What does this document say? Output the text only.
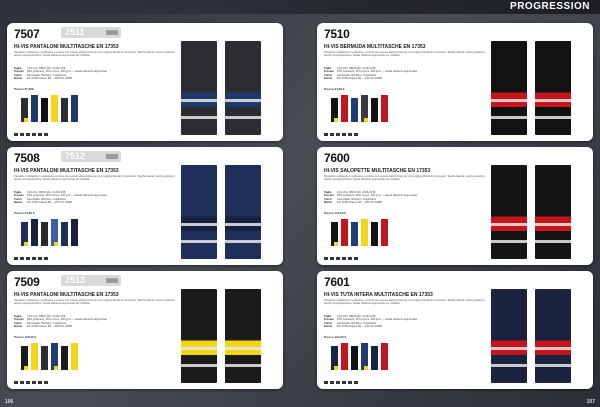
PROGRESSION
7507	7511
HI-VIS PANTALONI MULTITASCHE EN 17353
Pantaloni multitasche in poliestere e cotone con tessuto elasticizzato per una migliore libertà di movimento. Tasche laterali, tasche posteriori, tasche portaginocchiere, bande riflettenti segmentate per visibilità.
Taglie	C44-C64, D88-D120, C146-C158
Tessuto	65% poliestere, 35% cotone, 290 g/m² — bande riflettenti segmentate
Colori	Nero/Giallo, Blu/Nero, Grigio/Nero
Norme	EN 17353 Classe B2 — EN ISO 13688
Prezzo 37,90€
7510
HI-VIS BERMUDA MULTITASCHE EN 17353
Pantaloni multitasche in poliestere e cotone con tessuto elasticizzato per una migliore libertà di movimento. Tasche laterali, tasche posteriori, tasche portaginocchiere, bande riflettenti segmentate per visibilità.
Taglie	C44-C64, D88-D120, C146-C158
Tessuto	65% poliestere, 35% cotone, 290 g/m² — bande riflettenti segmentate
Colori	Nero/Giallo, Blu/Nero, Grigio/Nero
Norme	EN 17353 Classe B2 — EN ISO 13688
Prezzo 34,90 €
7508	7512
HI-VIS PANTALONI MULTITASCHE EN 17353
Pantaloni multitasche in poliestere e cotone con tessuto elasticizzato per una migliore libertà di movimento. Tasche laterali, tasche posteriori, tasche portaginocchiere, bande riflettenti segmentate per visibilità.
Taglie	C44-C64, D88-D120, C146-C158
Tessuto	65% poliestere, 35% cotone, 290 g/m² — bande riflettenti segmentate
Colori	Nero/Giallo, Blu/Nero, Grigio/Nero
Norme	EN 17353 Classe B2 — EN ISO 13688
Prezzo 44,90 €
7600
HI-VIS SALOPETTE MULTITASCHE EN 17353
Pantaloni multitasche in poliestere e cotone con tessuto elasticizzato per una migliore libertà di movimento. Tasche laterali, tasche posteriori, tasche portaginocchiere, bande riflettenti segmentate per visibilità.
Taglie	C44-C64, D88-D120, C146-C158
Tessuto	65% poliestere, 35% cotone, 290 g/m² — bande riflettenti segmentate
Colori	Nero/Giallo, Blu/Nero, Grigio/Nero
Norme	EN 17353 Classe B2 — EN ISO 13688
Prezzo 119,90 €
7509	7513
HI-VIS PANTALONI MULTITASCHE EN 17353
Pantaloni multitasche in poliestere e cotone con tessuto elasticizzato per una migliore libertà di movimento. Tasche laterali, tasche posteriori, tasche portaginocchiere, bande riflettenti segmentate per visibilità.
Taglie	C44-C64, D88-D120, C146-C158
Tessuto	65% poliestere, 35% cotone, 290 g/m² — bande riflettenti segmentate
Colori	Nero/Giallo, Blu/Nero, Grigio/Nero
Norme	EN 17353 Classe B2 — EN ISO 13688
Prezzo 129,90 €
7601
HI-VIS TUTA INTERA MULTITASCHE EN 17353
Pantaloni multitasche in poliestere e cotone con tessuto elasticizzato per una migliore libertà di movimento. Tasche laterali, tasche posteriori, tasche portaginocchiere, bande riflettenti segmentate per visibilità.
Taglie	C44-C64, D88-D120, C146-C158
Tessuto	65% poliestere, 35% cotone, 290 g/m² — bande riflettenti segmentate
Colori	Nero/Giallo, Blu/Nero, Grigio/Nero
Norme	EN 17353 Classe B2 — EN ISO 13688
Prezzo 134,90 €
106	107
